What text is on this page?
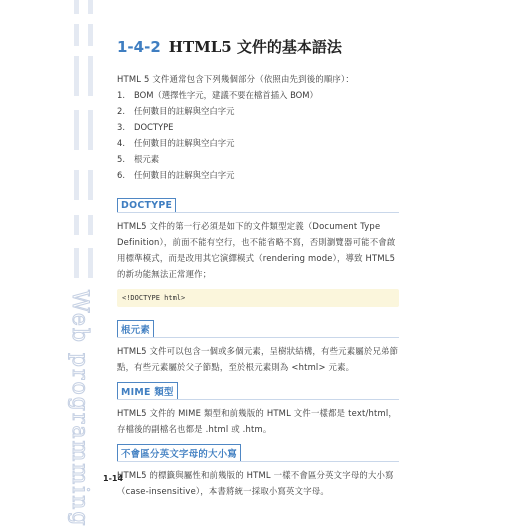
Web programming
1-4-2 HTML5 文件的基本語法

HTML 5 文件通常包含下列幾個部分（依照由先到後的順序）：

1.	BOM（選擇性字元，建議不要在檔首插入 BOM）
2.	任何數目的註解與空白字元
3.	DOCTYPE
4.	任何數目的註解與空白字元
5.	根元素
6.	任何數目的註解與空白字元
DOCTYPE

HTML5 文件的第一行必須是如下的文件類型定義（Document Type Definition），前面不能有空行，也不能省略不寫，否則瀏覽器可能不會啟用標準模式，而是改用其它演繹模式（rendering mode），導致 HTML5 的新功能無法正常運作；

<!DOCTYPE html>
根元素

HTML5 文件可以包含一個或多個元素，呈樹狀結構，有些元素屬於兄弟節點，有些元素屬於父子節點，至於根元素則為 <html> 元素。

MIME 類型

HTML5 文件的 MIME 類型和前幾版的 HTML 文件一樣都是 text/html，存檔後的副檔名也都是 .html 或 .htm。

不會區分英文字母的大小寫

HTML5 的標籤與屬性和前幾版的 HTML 一樣不會區分英文字母的大小寫（case-insensitive），本書將統一採取小寫英文字母。

1-14
